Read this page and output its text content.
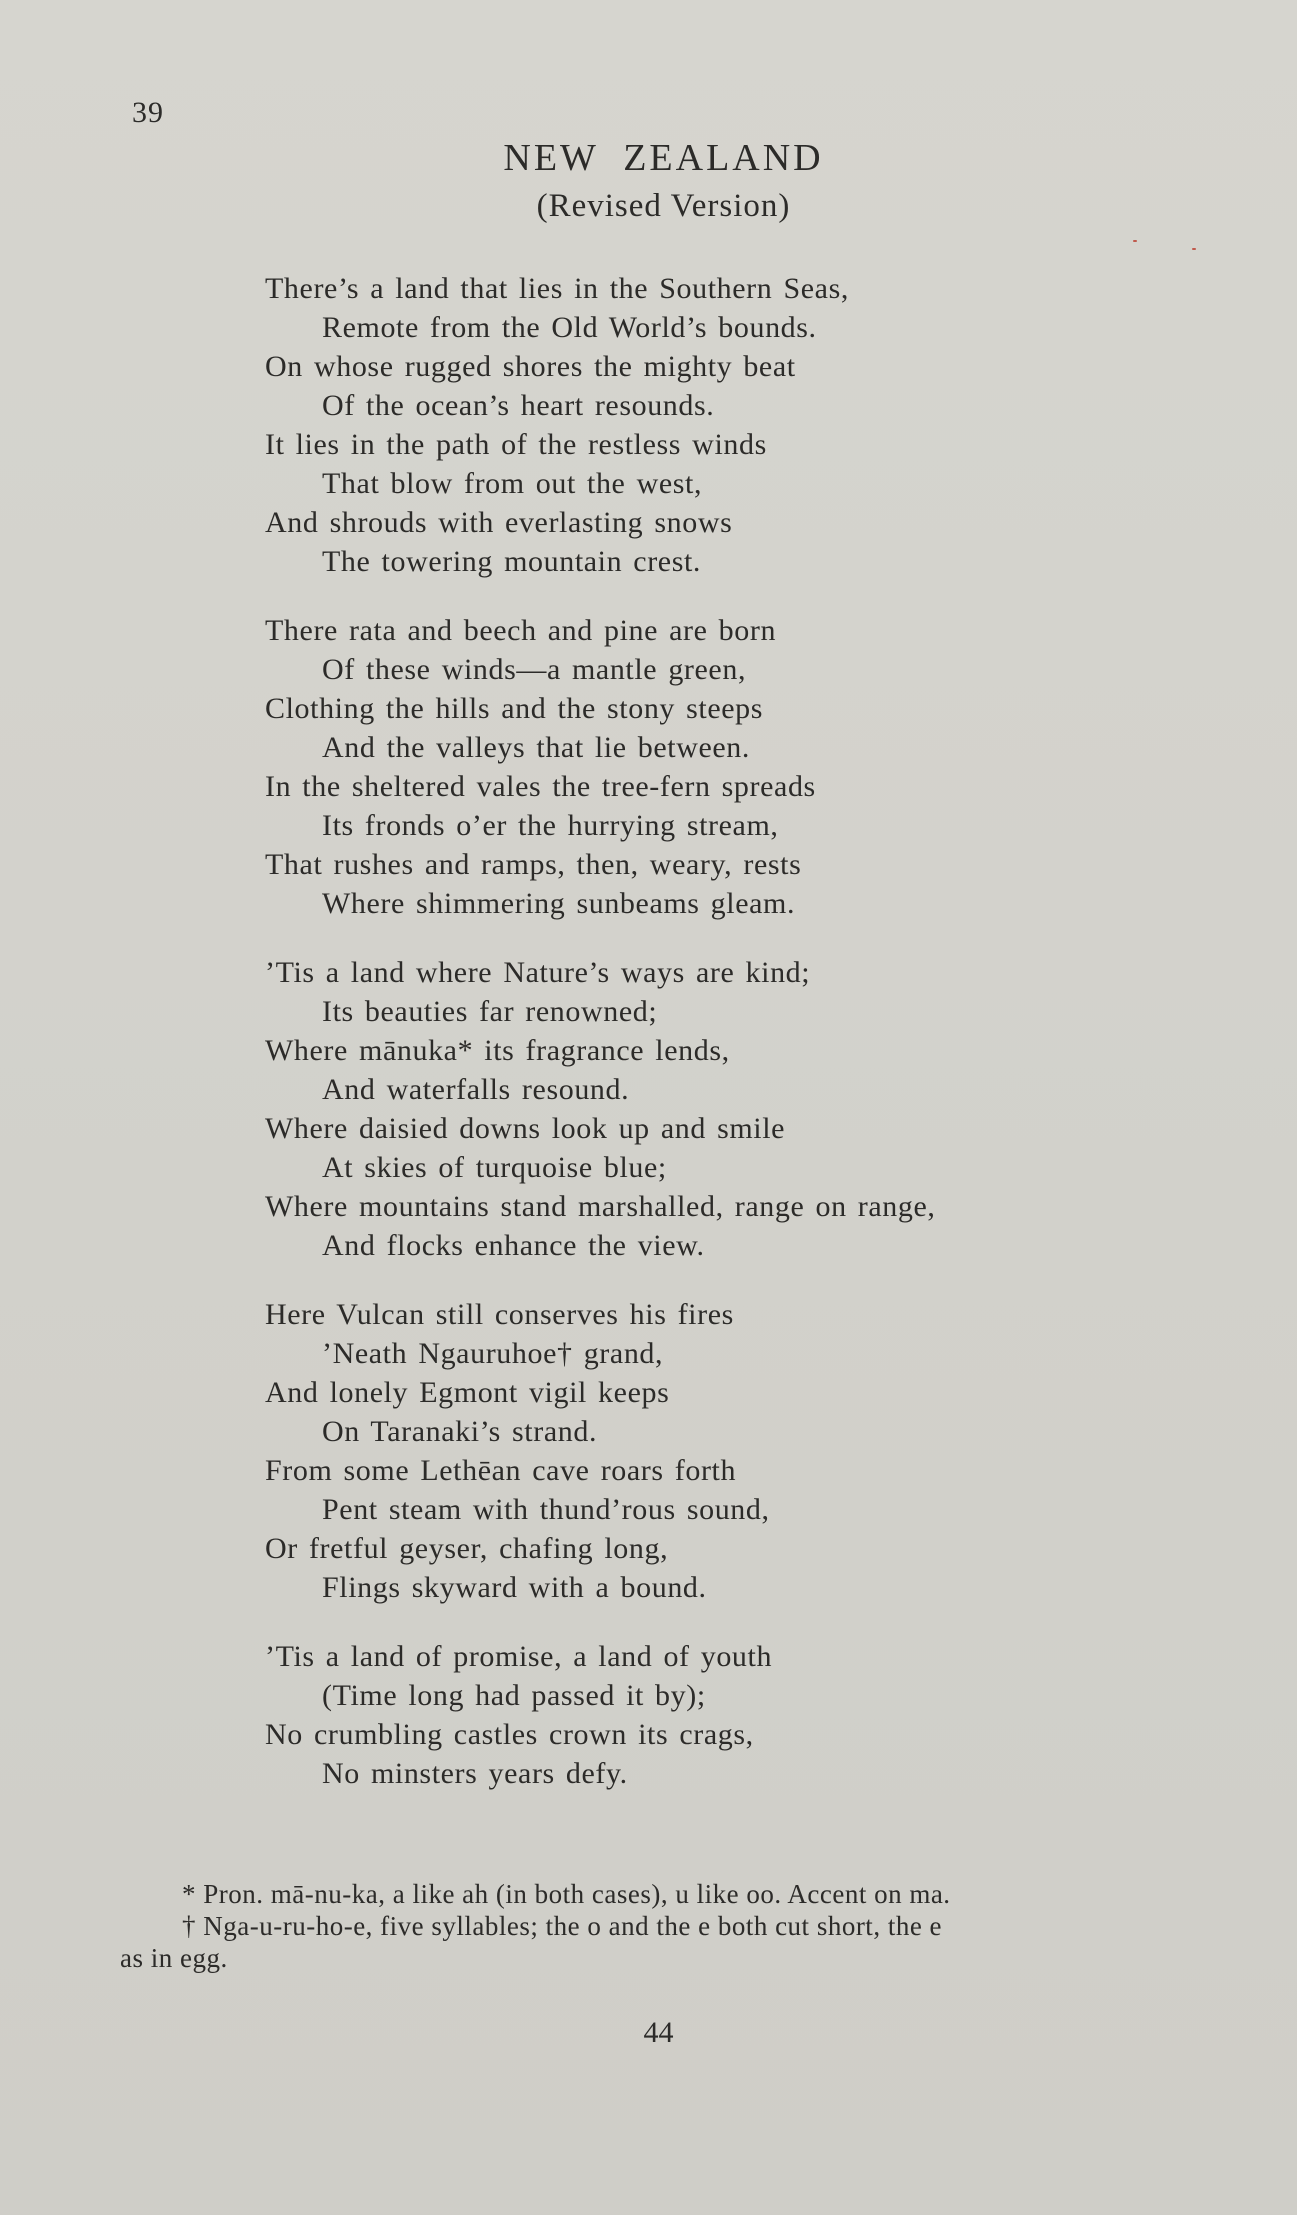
39
NEW  ZEALAND
(Revised Version)
There’s a land that lies in the Southern Seas,
Remote from the Old World’s bounds.
On whose rugged shores the mighty beat
Of the ocean’s heart resounds.
It lies in the path of the restless winds
That blow from out the west,
And shrouds with everlasting snows
The towering mountain crest.
There rata and beech and pine are born
Of these winds—a mantle green,
Clothing the hills and the stony steeps
And the valleys that lie between.
In the sheltered vales the tree-fern spreads
Its fronds o’er the hurrying stream,
That rushes and ramps, then, weary, rests
Where shimmering sunbeams gleam.
’Tis a land where Nature’s ways are kind;
Its beauties far renowned;
Where mānuka* its fragrance lends,
And waterfalls resound.
Where daisied downs look up and smile
At skies of turquoise blue;
Where mountains stand marshalled, range on range,
And flocks enhance the view.
Here Vulcan still conserves his fires
’Neath Ngauruhoe† grand,
And lonely Egmont vigil keeps
On Taranaki’s strand.
From some Lethēan cave roars forth
Pent steam with thund’rous sound,
Or fretful geyser, chafing long,
Flings skyward with a bound.
’Tis a land of promise, a land of youth
(Time long had passed it by);
No crumbling castles crown its crags,
No minsters years defy.
* Pron. mā-nu-ka, a like ah (in both cases), u like oo. Accent on ma.
† Nga-u-ru-ho-e, five syllables; the o and the e both cut short, the e
as in egg.
44
